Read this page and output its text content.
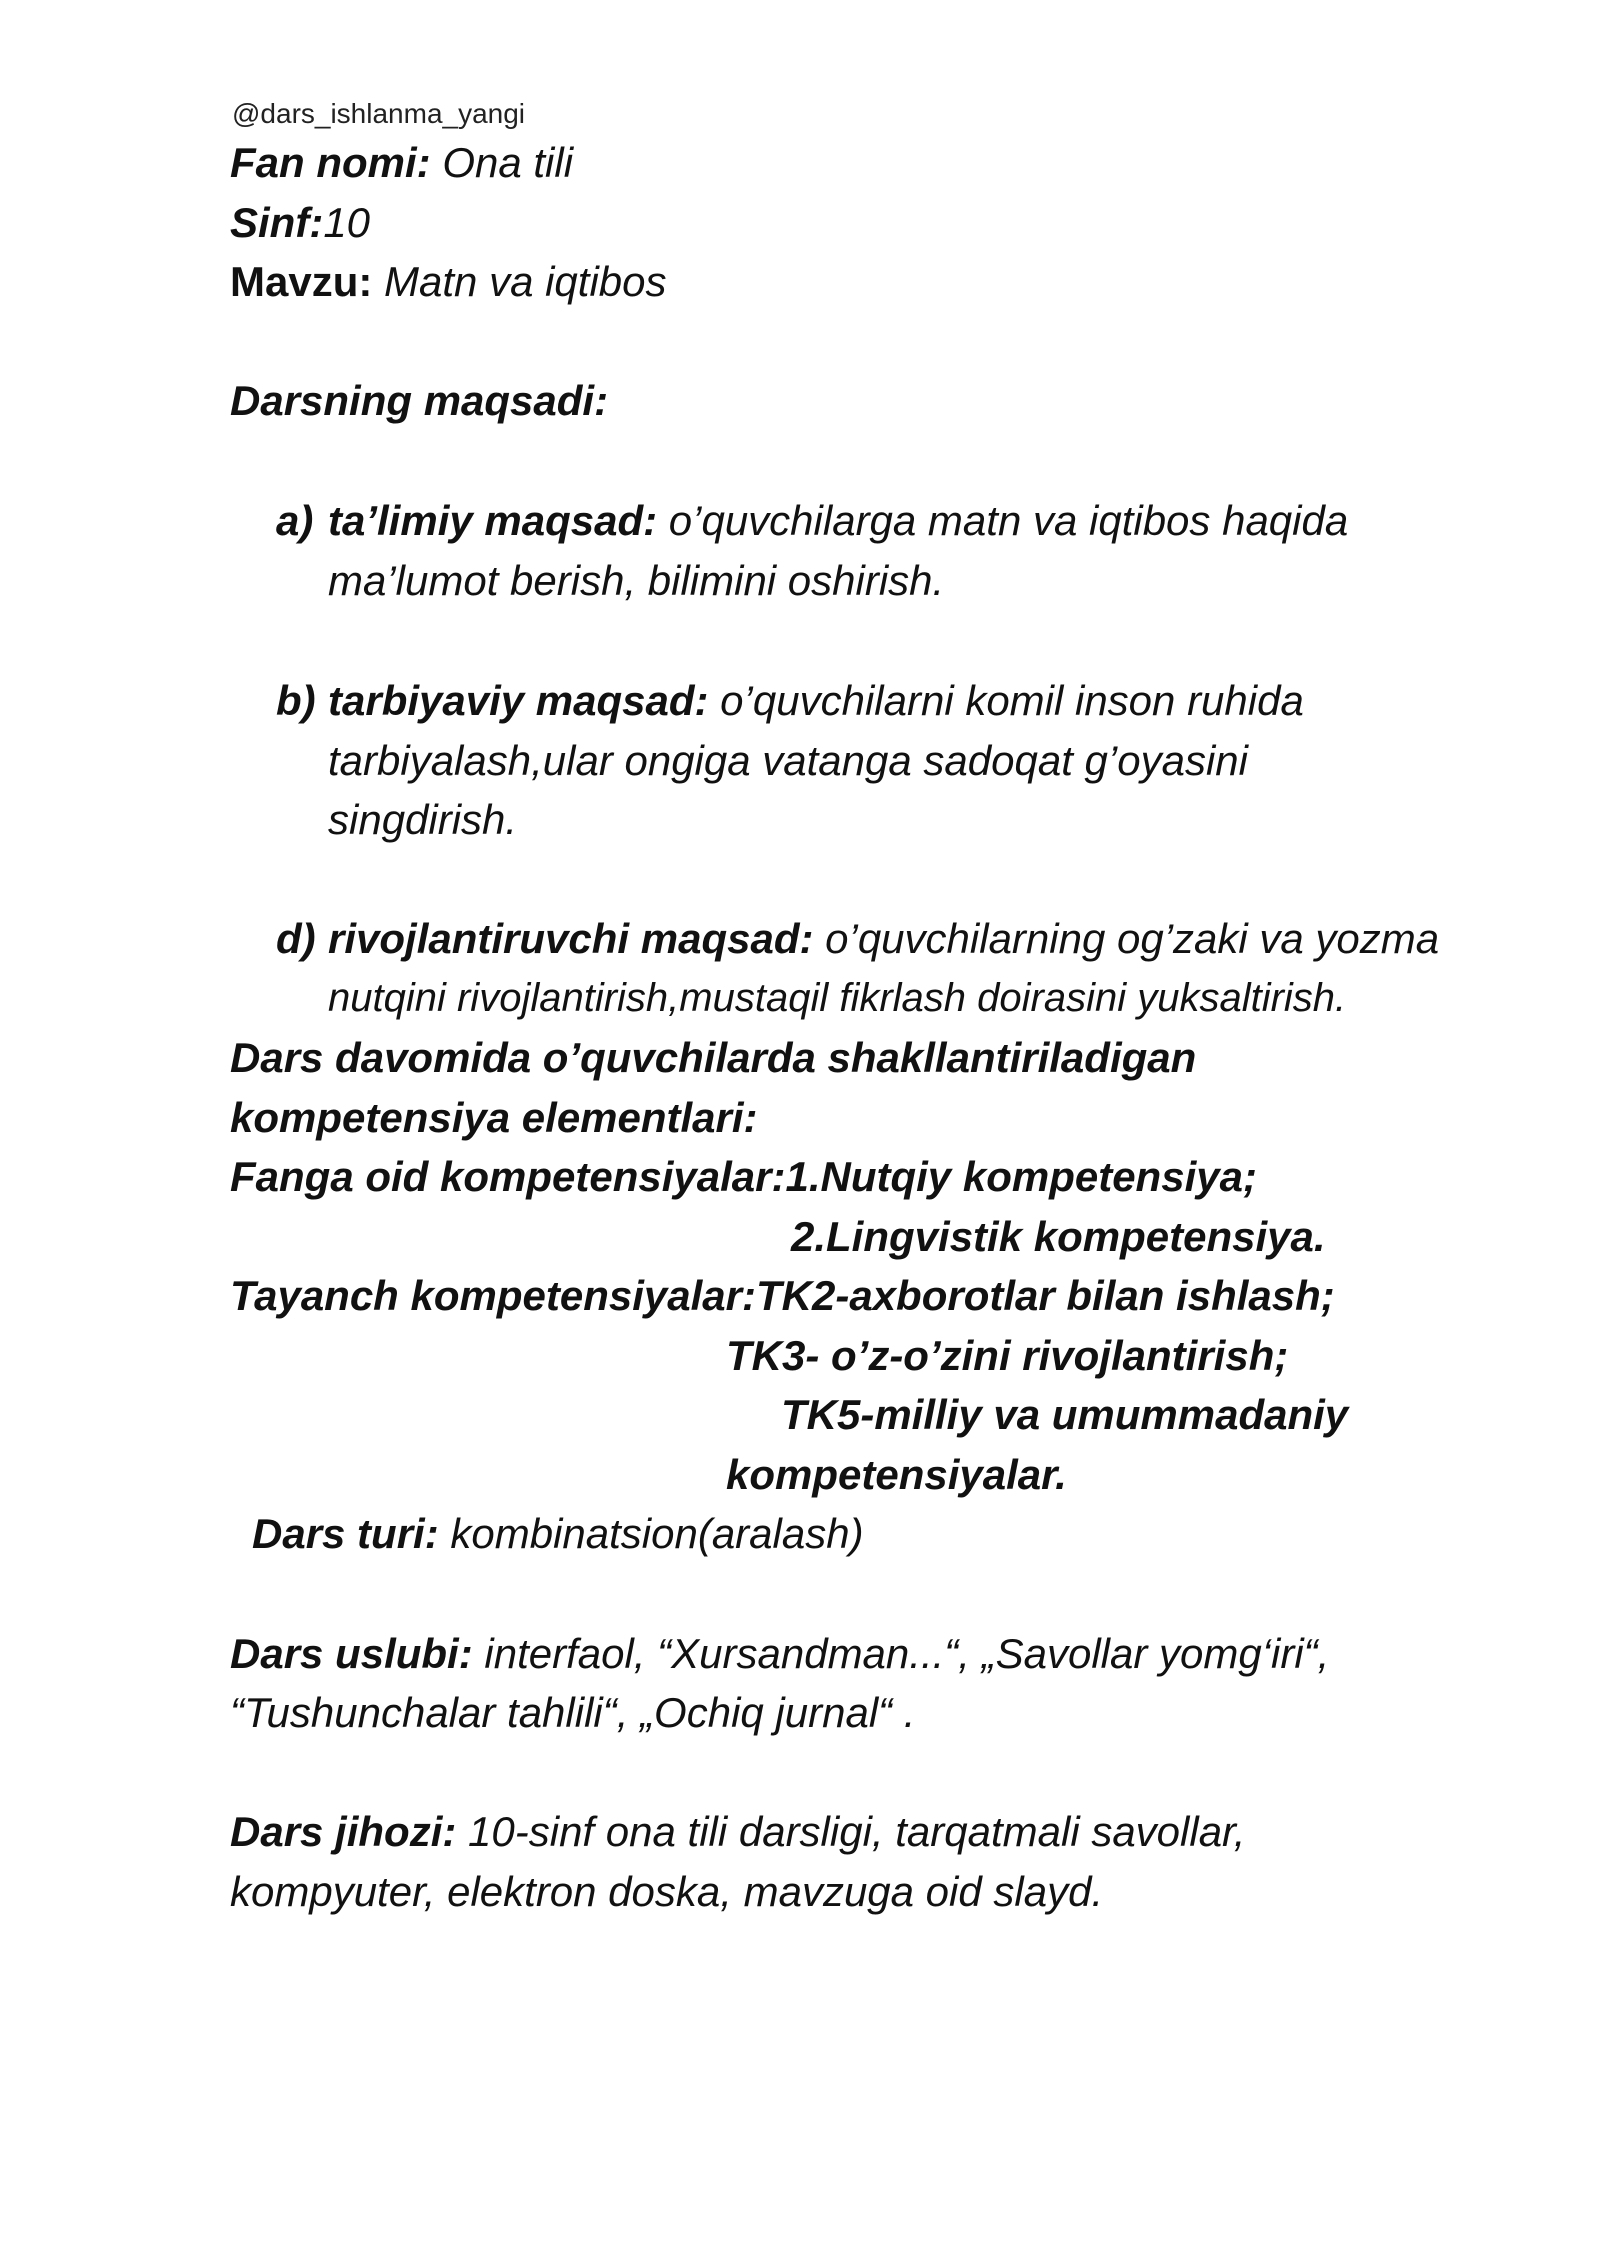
@dars_ishlanma_yangi
Fan nomi: Ona tili
Sinf:10
Mavzu: Matn va iqtibos
Darsning maqsadi:
a) ta’limiy maqsad: o’quvchilarga matn va iqtibos haqida
ma’lumot berish, bilimini oshirish.
b) tarbiyaviy maqsad: o’quvchilarni komil inson ruhida
tarbiyalash,ular ongiga vatanga sadoqat g’oyasini
singdirish.
d) rivojlantiruvchi maqsad: o’quvchilarning og’zaki va yozma
nutqini rivojlantirish,mustaqil fikrlash doirasini yuksaltirish.
Dars davomida o’quvchilarda shakllantiriladigan
kompetensiya elementlari:
Fanga oid kompetensiyalar:1.Nutqiy kompetensiya;
2.Lingvistik kompetensiya.
Tayanch kompetensiyalar:TK2-axborotlar bilan ishlash;
TK3- o’z-o’zini rivojlantirish;
TK5-milliy va umummadaniy
kompetensiyalar.
Dars turi: kombinatsion(aralash)
Dars uslubi: interfaol, “Xursandman...“, „Savollar yomg‘iri“,
“Tushunchalar tahlili“, „Ochiq jurnal“ .
Dars jihozi: 10-sinf ona tili darsligi, tarqatmali savollar,
kompyuter, elektron doska, mavzuga oid slayd.
